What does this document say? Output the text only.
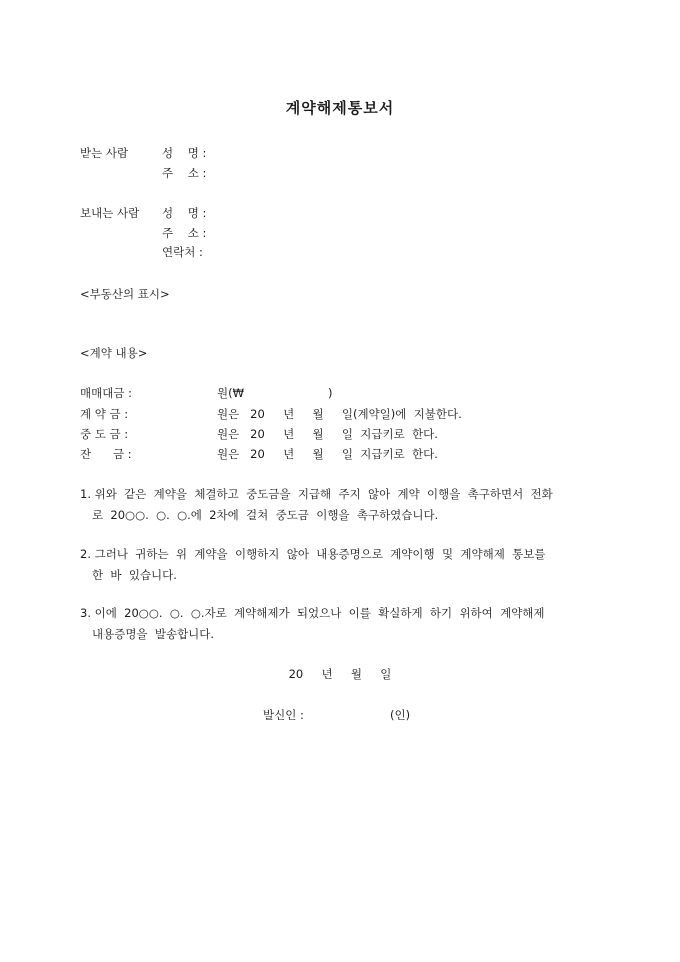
계약해제통보서
받는 사람	성    명 :
주    소 :
보내는 사람 성    명 :
주    소 :
연락처 :
<부동산의 표시>
<계약 내용>
매매대금 :	원(₩                       )
계 약 금 :	원은   20     년     월     일(계약일)에  지불한다.
중 도 금 :	원은   20     년     월     일  지급키로  한다.
잔      금 :	원은   20     년     월     일  지급키로  한다.
1. 위와  같은  계약을  체결하고  중도금을  지급해  주지  않아  계약  이행을  촉구하면서  전화
로  20○○.  ○.  ○.에  2차에  걸쳐  중도금  이행을  촉구하였습니다.
2. 그러나  귀하는  위  계약을  이행하지  않아  내용증명으로  계약이행  및  계약해제  통보를
한  바  있습니다.
3. 이에  20○○.  ○.  ○.자로  계약해제가  되었으나  이를  확실하게  하기  위하여  계약해제
내용증명을  발송합니다.
20     년     월     일
발신인 :	(인)
